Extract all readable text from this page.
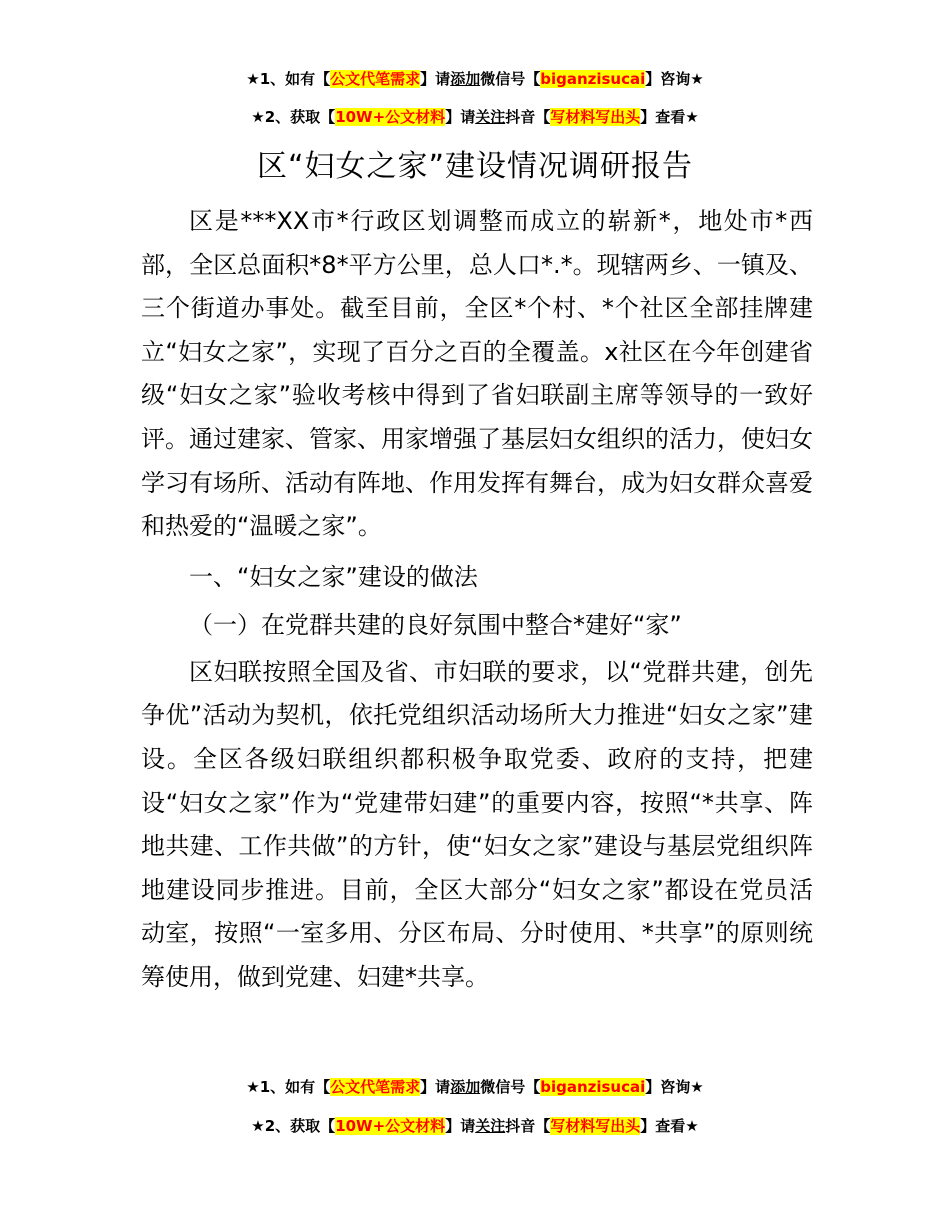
★1、如有【公文代笔需求】请添加微信号【biganzisucai】咨询★
★2、获取【10W+公文材料】请关注抖音【写材料写出头】查看★
区“妇女之家”建设情况调研报告

区是***XX市*行政区划调整而成立的崭新*，地处市*西部，全区总面积*8*平方公里，总人口*.*。现辖两乡、一镇及、三个街道办事处。截至目前，全区*个村、*个社区全部挂牌建立“妇女之家”，实现了百分之百的全覆盖。x社区在今年创建省级“妇女之家”验收考核中得到了省妇联副主席等领导的一致好评。通过建家、管家、用家增强了基层妇女组织的活力，使妇女学习有场所、活动有阵地、作用发挥有舞台，成为妇女群众喜爱和热爱的“温暖之家”。

一、“妇女之家”建设的做法

（一）在党群共建的良好氛围中整合*建好“家”

区妇联按照全国及省、市妇联的要求，以“党群共建，创先争优”活动为契机，依托党组织活动场所大力推进“妇女之家”建设。全区各级妇联组织都积极争取党委、政府的支持，把建设“妇女之家”作为“党建带妇建”的重要内容，按照“*共享、阵地共建、工作共做”的方针，使“妇女之家”建设与基层党组织阵地建设同步推进。目前，全区大部分“妇女之家”都设在党员活动室，按照“一室多用、分区布局、分时使用、*共享”的原则统筹使用，做到党建、妇建*共享。

★1、如有【公文代笔需求】请添加微信号【biganzisucai】咨询★
★2、获取【10W+公文材料】请关注抖音【写材料写出头】查看★
